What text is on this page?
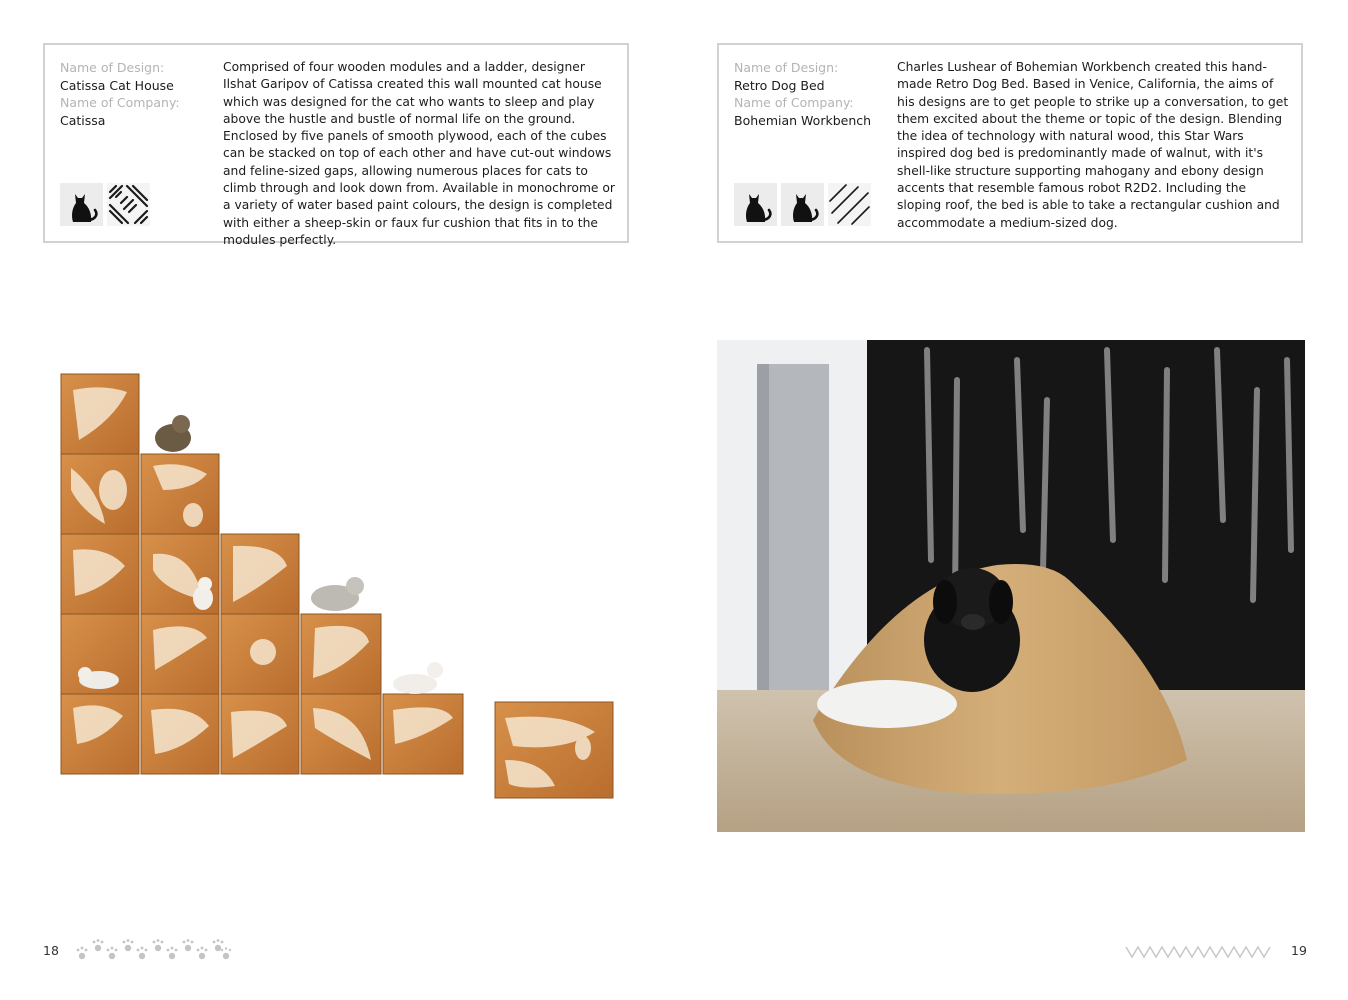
Name of Design:
Catissa Cat House
Name of Company:
Catissa
Comprised of four wooden modules and a ladder, designer Ilshat Garipov of Catissa created this wall mounted cat house which was designed for the cat who wants to sleep and play above the hustle and bustle of normal life on the ground. Enclosed by five panels of smooth plywood, each of the cubes can be stacked on top of each other and have cut-out windows and feline-sized gaps, allowing numerous places for cats to climb through and look down from. Available in monochrome or a variety of water based paint colours, the design is completed with either a sheep-skin or faux fur cushion that fits in to the modules perfectly.
Name of Design:
Retro Dog Bed
Name of Company:
Bohemian Workbench
Charles Lushear of Bohemian Workbench created this hand-made Retro Dog Bed. Based in Venice, California, the aims of his designs are to get people to strike up a conversation, to get them excited about the theme or topic of the design. Blending the idea of technology with natural wood, this Star Wars inspired dog bed is predominantly made of walnut, with it's shell-like structure supporting mahogany and ebony design accents that resemble famous robot R2D2. Including the sloping roof, the bed is able to take a rectangular cushion and accommodate a medium-sized dog.
18	19
